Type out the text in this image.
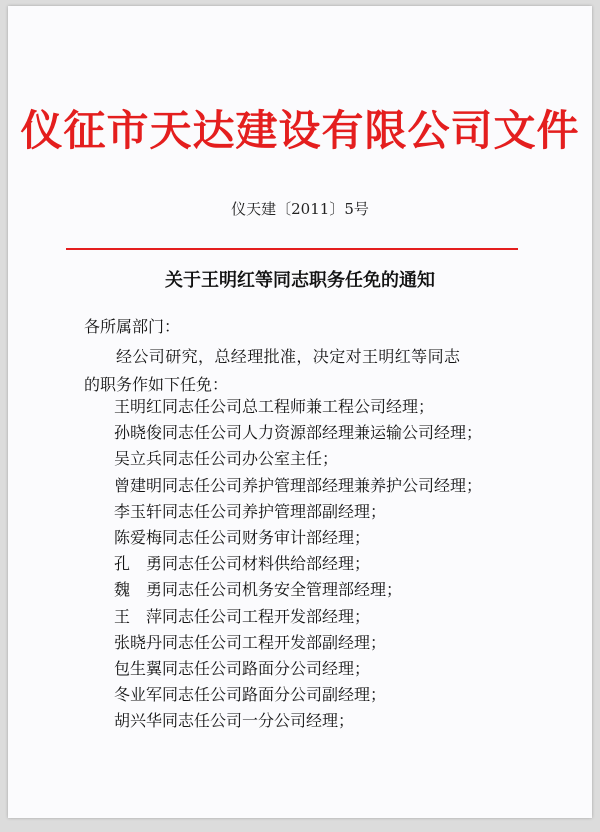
仪征市天达建设有限公司文件
仪天建〔2011〕5号
关于王明红等同志职务任免的通知
各所属部门：
经公司研究，总经理批准，决定对王明红等同志的职务作如下任免：
王明红同志任公司总工程师兼工程公司经理；
孙晓俊同志任公司人力资源部经理兼运输公司经理；
吴立兵同志任公司办公室主任；
曾建明同志任公司养护管理部经理兼养护公司经理；
李玉轩同志任公司养护管理部副经理；
陈爱梅同志任公司财务审计部经理；
孔　勇同志任公司材料供给部经理；
魏　勇同志任公司机务安全管理部经理；
王　萍同志任公司工程开发部经理；
张晓丹同志任公司工程开发部副经理；
包生翼同志任公司路面分公司经理；
冬业军同志任公司路面分公司副经理；
胡兴华同志任公司一分公司经理；
